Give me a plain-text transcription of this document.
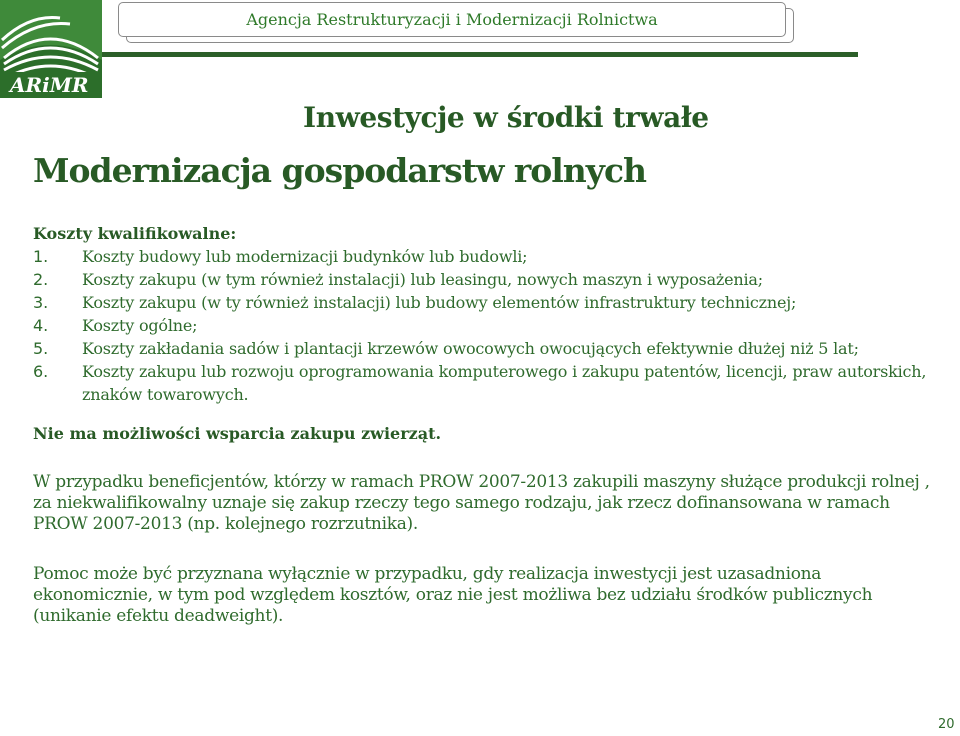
ARiMR
Agencja Restrukturyzacji i Modernizacji Rolnictwa
Inwestycje w środki trwałe
Modernizacja gospodarstw rolnych

Koszty kwalifikowalne:

1. Koszty budowy lub modernizacji budynków lub budowli;
2. Koszty zakupu (w tym również instalacji) lub leasingu, nowych maszyn i wyposażenia;
3. Koszty zakupu (w ty również instalacji) lub budowy elementów infrastruktury technicznej;
4. Koszty ogólne;
5. Koszty zakładania sadów i plantacji krzewów owocowych owocujących efektywnie dłużej niż 5 lat;
6. Koszty zakupu lub rozwoju oprogramowania komputerowego i zakupu patentów, licencji, praw autorskich, znaków towarowych.

Nie ma możliwości wsparcia zakupu zwierząt.

W przypadku beneficjentów, którzy w ramach PROW 2007-2013 zakupili maszyny służące produkcji rolnej , za niekwalifikowalny uznaje się zakup rzeczy tego samego rodzaju, jak rzecz dofinansowana w ramach PROW 2007-2013 (np. kolejnego rozrzutnika).

Pomoc może być przyznana wyłącznie w przypadku, gdy realizacja inwestycji jest uzasadniona ekonomicznie, w tym pod względem kosztów, oraz nie jest możliwa bez udziału środków publicznych (unikanie efektu deadweight).

20
